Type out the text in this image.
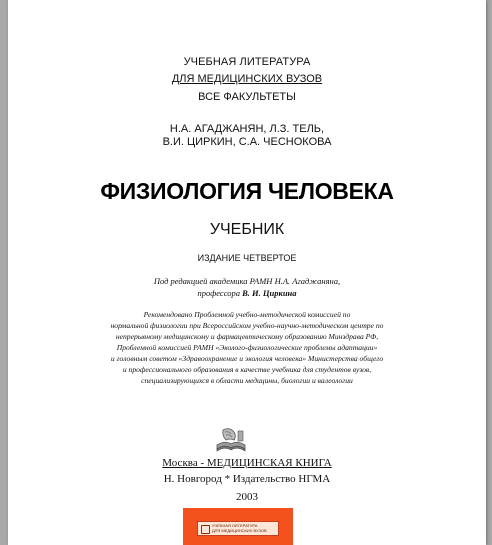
УЧЕБНАЯ ЛИТЕРАТУРА
ДЛЯ МЕДИЦИНСКИХ ВУЗОВ
ВСЕ ФАКУЛЬТЕТЫ
Н.А. АГАДЖАНЯН, Л.З. ТЕЛЬ,
В.И. ЦИРКИН, С.А. ЧЕСНОКОВА
ФИЗИОЛОГИЯ ЧЕЛОВЕКА
УЧЕБНИК
ИЗДАНИЕ ЧЕТВЕРТОЕ
Под редакцией академика РАМН Н.А. Агаджаняна,
профессора В. И. Циркина
Рекомендовано Проблемной учебно-методической комиссией по
нормальной физиологии при Всероссийском учебно-научно-методическом центре по
непрерывному медицинскому и фармацевтическому образованию Минздрава РФ,
Проблемной комиссией РАМН «Эколого-физиологические проблемы адаптации»
и головным советом «Здравоохранение и экология человека» Министерства общего
и профессионального образования в качестве учебника для студентов вузов,
специализирующихся в области медицины, биологии и валеологии
Москва - МЕДИЦИНСКАЯ КНИГА
Н. Новгород * Издательство НГМА
2003
УЧЕБНАЯ ЛИТЕРАТУРА
ДЛЯ МЕДИЦИНСКИХ ВУЗОВ
